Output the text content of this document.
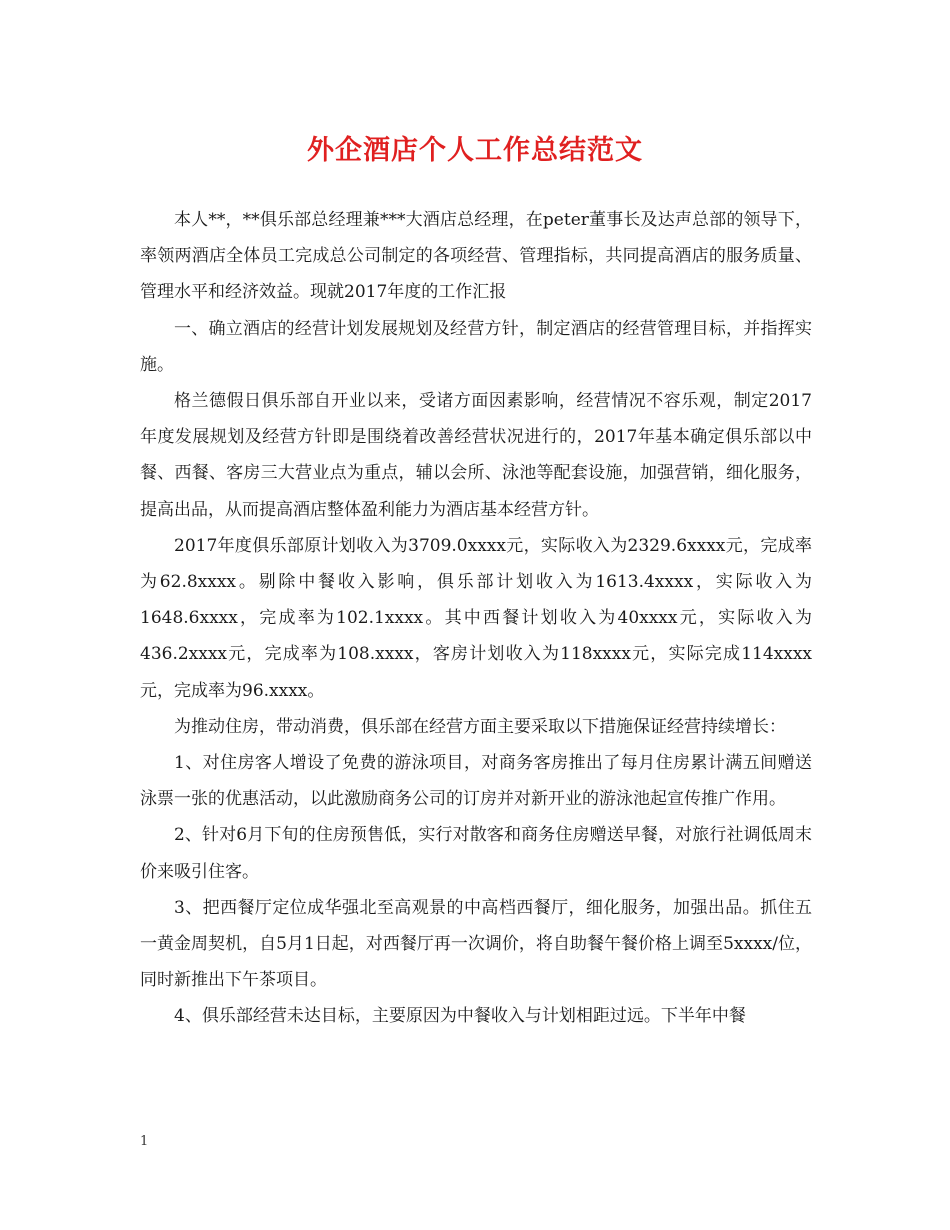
外企酒店个人工作总结范文

本人**，**俱乐部总经理兼***大酒店总经理，在peter董事长及达声总部的领导下，率领两酒店全体员工完成总公司制定的各项经营、管理指标，共同提高酒店的服务质量、管理水平和经济效益。现就2017年度的工作汇报

一、确立酒店的经营计划发展规划及经营方针，制定酒店的经营管理目标，并指挥实施。

格兰德假日俱乐部自开业以来，受诸方面因素影响，经营情况不容乐观，制定2017年度发展规划及经营方针即是围绕着改善经营状况进行的，2017年基本确定俱乐部以中餐、西餐、客房三大营业点为重点，辅以会所、泳池等配套设施，加强营销，细化服务，提高出品，从而提高酒店整体盈利能力为酒店基本经营方针。

2017年度俱乐部原计划收入为3709.0xxxx元，实际收入为2329.6xxxx元，完成率为62.8xxxx。剔除中餐收入影响，俱乐部计划收入为1613.4xxxx，实际收入为1648.6xxxx，完成率为102.1xxxx。其中西餐计划收入为40xxxx元，实际收入为436.2xxxx元，完成率为108.xxxx，客房计划收入为118xxxx元，实际完成114xxxx元，完成率为96.xxxx。

为推动住房，带动消费，俱乐部在经营方面主要采取以下措施保证经营持续增长：

1、对住房客人增设了免费的游泳项目，对商务客房推出了每月住房累计满五间赠送泳票一张的优惠活动，以此激励商务公司的订房并对新开业的游泳池起宣传推广作用。

2、针对6月下旬的住房预售低，实行对散客和商务住房赠送早餐，对旅行社调低周末价来吸引住客。

3、把西餐厅定位成华强北至高观景的中高档西餐厅，细化服务，加强出品。抓住五一黄金周契机，自5月1日起，对西餐厅再一次调价，将自助餐午餐价格上调至5xxxx/位，同时新推出下午茶项目。

4、俱乐部经营未达目标，主要原因为中餐收入与计划相距过远。下半年中餐

1
